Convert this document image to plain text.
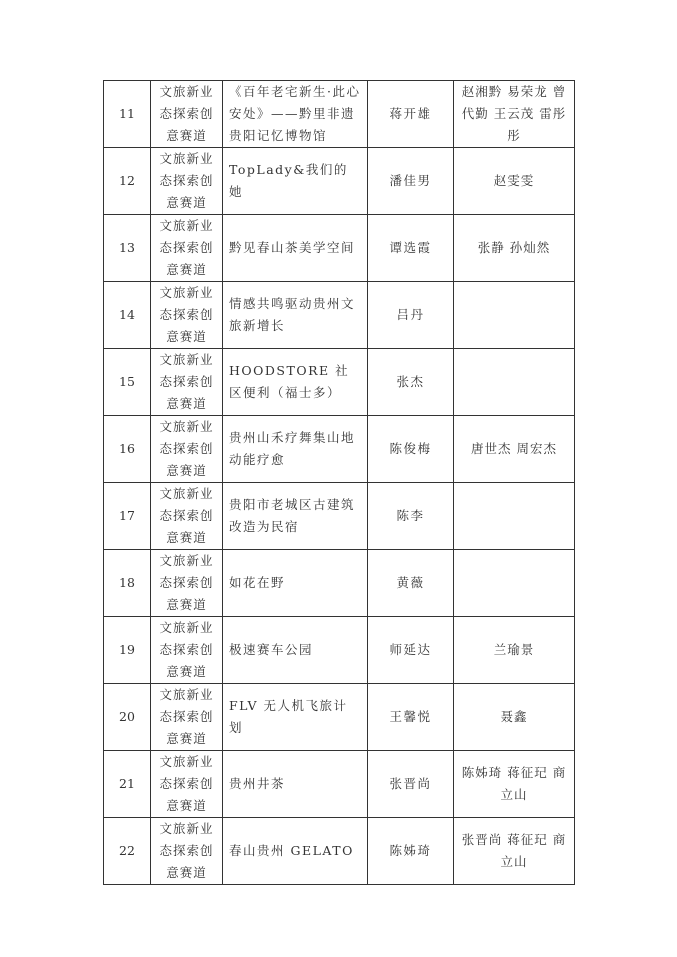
11	文旅新业态探索创意赛道	《百年老宅新生·此心安处》——黔里非遗贵阳记忆博物馆	蒋开雄	赵湘黔 易荣龙 曾代勤 王云茂 雷彤彤
12	文旅新业态探索创意赛道	TopLady&我们的她	潘佳男	赵雯雯
13	文旅新业态探索创意赛道	黔见春山茶美学空间	谭选霞	张静 孙灿然
14	文旅新业态探索创意赛道	情感共鸣驱动贵州文旅新增长	吕丹	
15	文旅新业态探索创意赛道	HOODSTORE 社区便利（福士多）	张杰	
16	文旅新业态探索创意赛道	贵州山禾疗舞集山地动能疗愈	陈俊梅	唐世杰 周宏杰
17	文旅新业态探索创意赛道	贵阳市老城区古建筑改造为民宿	陈李	
18	文旅新业态探索创意赛道	如花在野	黄薇	
19	文旅新业态探索创意赛道	极速赛车公园	师延达	兰瑜景
20	文旅新业态探索创意赛道	FLV 无人机飞旅计划	王馨悦	聂鑫
21	文旅新业态探索创意赛道	贵州井茶	张晋尚	陈姊琦 蒋征玘 商立山
22	文旅新业态探索创意赛道	春山贵州 GELATO	陈姊琦	张晋尚 蒋征玘 商立山
